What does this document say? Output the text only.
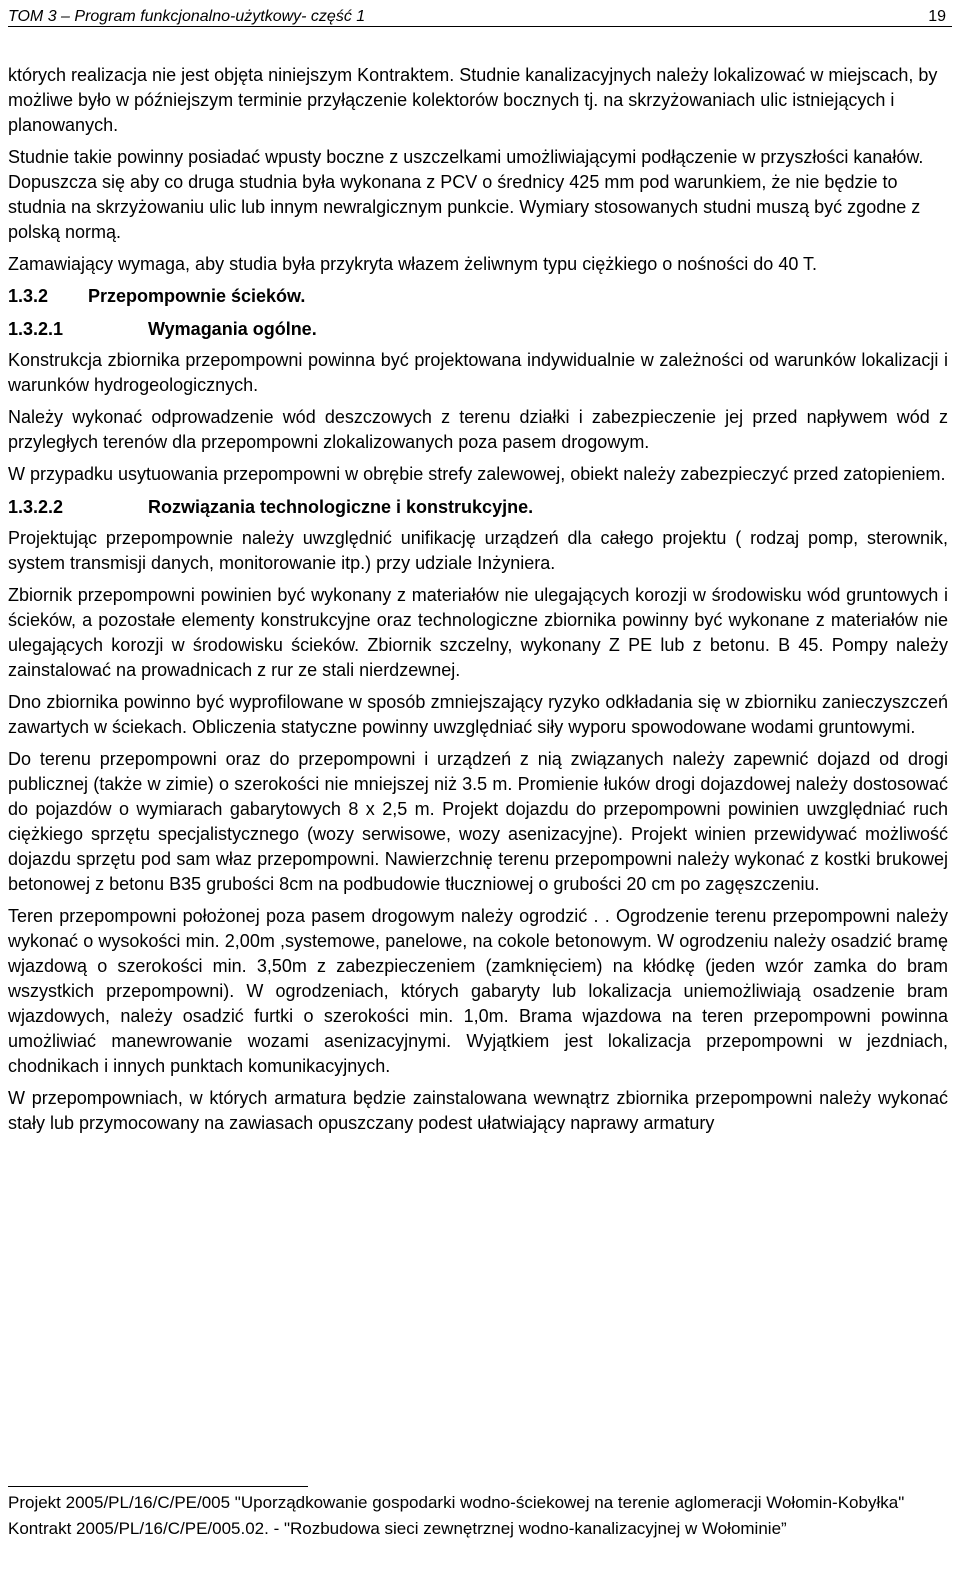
TOM 3 – Program funkcjonalno-użytkowy- część 1	19

których realizacja nie jest objęta niniejszym Kontraktem. Studnie kanalizacyjnych należy lokalizować w miejscach, by możliwe było w późniejszym terminie przyłączenie kolektorów bocznych tj. na skrzyżowaniach ulic istniejących i planowanych.

Studnie takie powinny posiadać wpusty boczne z uszczelkami umożliwiającymi podłączenie w przyszłości kanałów. Dopuszcza się aby co druga studnia była wykonana z PCV o średnicy 425 mm pod warunkiem, że nie będzie to studnia na skrzyżowaniu ulic lub innym newralgicznym punkcie. Wymiary stosowanych studni muszą być zgodne z polską normą.

Zamawiający wymaga, aby studia była przykryta włazem żeliwnym typu ciężkiego o nośności do 40 T.

1.3.2 Przepompownie ścieków.
1.3.2.1	Wymagania ogólne.

Konstrukcja zbiornika przepompowni powinna być projektowana indywidualnie w zależności od warunków lokalizacji i warunków hydrogeologicznych.

Należy wykonać odprowadzenie wód deszczowych z terenu działki i zabezpieczenie jej przed napływem wód z przyległych terenów dla przepompowni zlokalizowanych poza pasem drogowym.

W przypadku usytuowania przepompowni w obrębie strefy zalewowej, obiekt należy zabezpieczyć przed zatopieniem.

1.3.2.2	Rozwiązania technologiczne i konstrukcyjne.

Projektując przepompownie należy uwzględnić unifikację urządzeń dla całego projektu ( rodzaj pomp, sterownik, system transmisji danych, monitorowanie itp.) przy udziale Inżyniera.

Zbiornik przepompowni powinien być wykonany z materiałów nie ulegających korozji w środowisku wód gruntowych i ścieków, a pozostałe elementy konstrukcyjne oraz technologiczne zbiornika powinny być wykonane z materiałów nie ulegających korozji w środowisku ścieków. Zbiornik szczelny, wykonany Z PE lub z betonu. B 45. Pompy należy zainstalować na prowadnicach z rur ze stali nierdzewnej.

Dno zbiornika powinno być wyprofilowane w sposób zmniejszający ryzyko odkładania się w zbiorniku zanieczyszczeń zawartych w ściekach. Obliczenia statyczne powinny uwzględniać siły wyporu spowodowane wodami gruntowymi.

Do terenu przepompowni oraz do przepompowni i urządzeń z nią związanych należy zapewnić dojazd od drogi publicznej (także w zimie) o szerokości nie mniejszej niż 3.5 m. Promienie łuków drogi dojazdowej należy dostosować do pojazdów o wymiarach gabarytowych 8 x 2,5 m. Projekt dojazdu do przepompowni powinien uwzględniać ruch ciężkiego sprzętu specjalistycznego (wozy serwisowe, wozy asenizacyjne). Projekt winien przewidywać możliwość dojazdu sprzętu pod sam właz przepompowni. Nawierzchnię terenu przepompowni należy wykonać z kostki brukowej betonowej z betonu B35 grubości 8cm na podbudowie tłuczniowej o grubości 20 cm po zagęszczeniu.

Teren przepompowni położonej poza pasem drogowym należy ogrodzić . . Ogrodzenie terenu przepompowni należy wykonać o wysokości min. 2,00m ,systemowe, panelowe, na cokole betonowym. W ogrodzeniu należy osadzić bramę wjazdową o szerokości min. 3,50m z zabezpieczeniem (zamknięciem) na kłódkę (jeden wzór zamka do bram wszystkich przepompowni). W ogrodzeniach, których gabaryty lub lokalizacja uniemożliwiają osadzenie bram wjazdowych, należy osadzić furtki o szerokości min. 1,0m. Brama wjazdowa na teren przepompowni powinna umożliwiać manewrowanie wozami asenizacyjnymi. Wyjątkiem jest lokalizacja przepompowni w jezdniach, chodnikach i innych punktach komunikacyjnych.

W przepompowniach, w których armatura będzie zainstalowana wewnątrz zbiornika przepompowni należy wykonać stały lub przymocowany na zawiasach opuszczany podest ułatwiający naprawy armatury

Projekt 2005/PL/16/C/PE/005 "Uporządkowanie gospodarki wodno-ściekowej na terenie aglomeracji Wołomin-Kobyłka"

Kontrakt 2005/PL/16/C/PE/005.02. - "Rozbudowa sieci zewnętrznej wodno-kanalizacyjnej w Wołominie”
